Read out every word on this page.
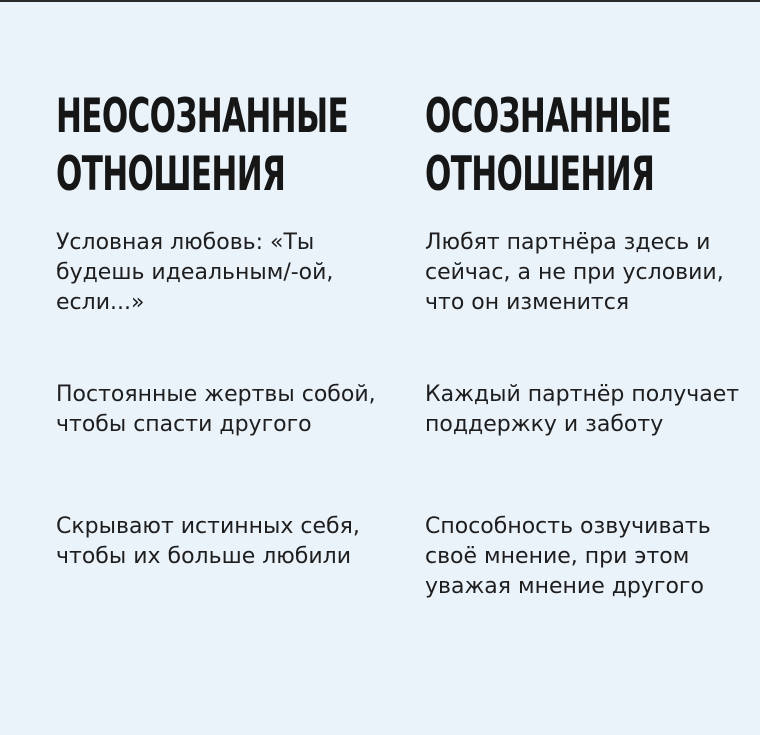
НЕОСОЗНАННЫЕ
ОТНОШЕНИЯ

Условная любовь: «Ты будешь идеальным/-ой, если...»

Постоянные жертвы собой, чтобы спасти другого

Скрывают истинных себя, чтобы их больше любили

ОСОЗНАННЫЕ
ОТНОШЕНИЯ

Любят партнёра здесь и сейчас, а не при условии, что он изменится

Каждый партнёр получает поддержку и заботу

Способность озвучивать своё мнение, при этом уважая мнение другого
